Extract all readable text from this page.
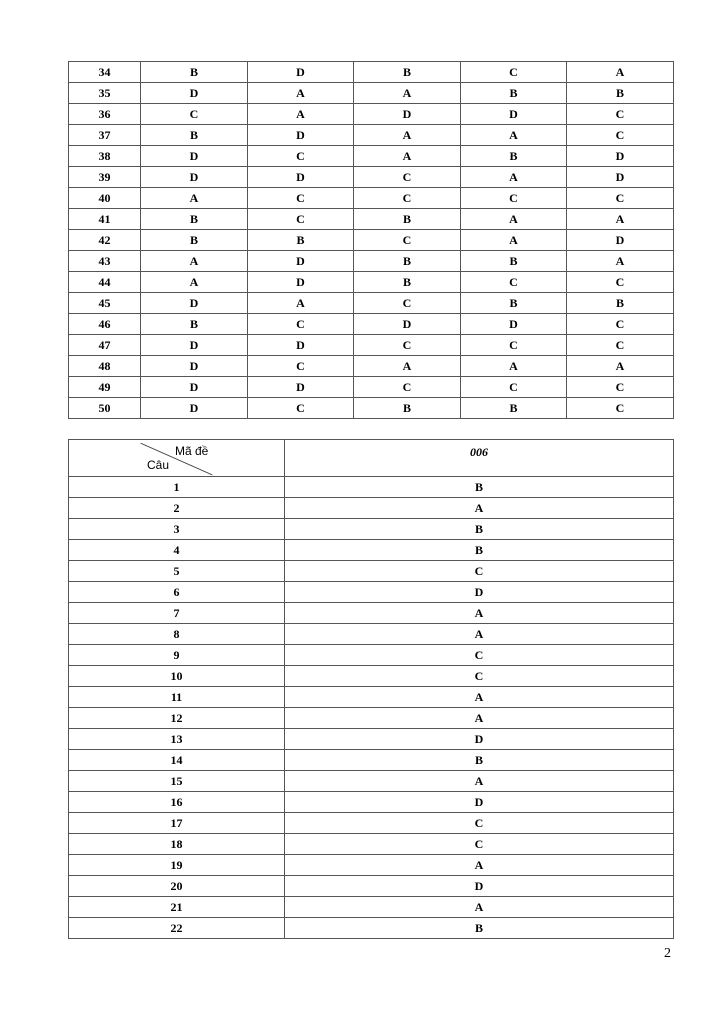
34	B	D	B	C	A
35	D	A	A	B	B
36	C	A	D	D	C
37	B	D	A	A	C
38	D	C	A	B	D
39	D	D	C	A	D
40	A	C	C	C	C
41	B	C	B	A	A
42	B	B	C	A	D
43	A	D	B	B	A
44	A	D	B	C	C
45	D	A	C	B	B
46	B	C	D	D	C
47	D	D	C	C	C
48	D	C	A	A	A
49	D	D	C	C	C
50	D	C	B	B	C
Mã đề
Câu	006
1	B
2	A
3	B
4	B
5	C
6	D
7	A
8	A
9	C
10	C
11	A
12	A
13	D
14	B
15	A
16	D
17	C
18	C
19	A
20	D
21	A
22	B
2
